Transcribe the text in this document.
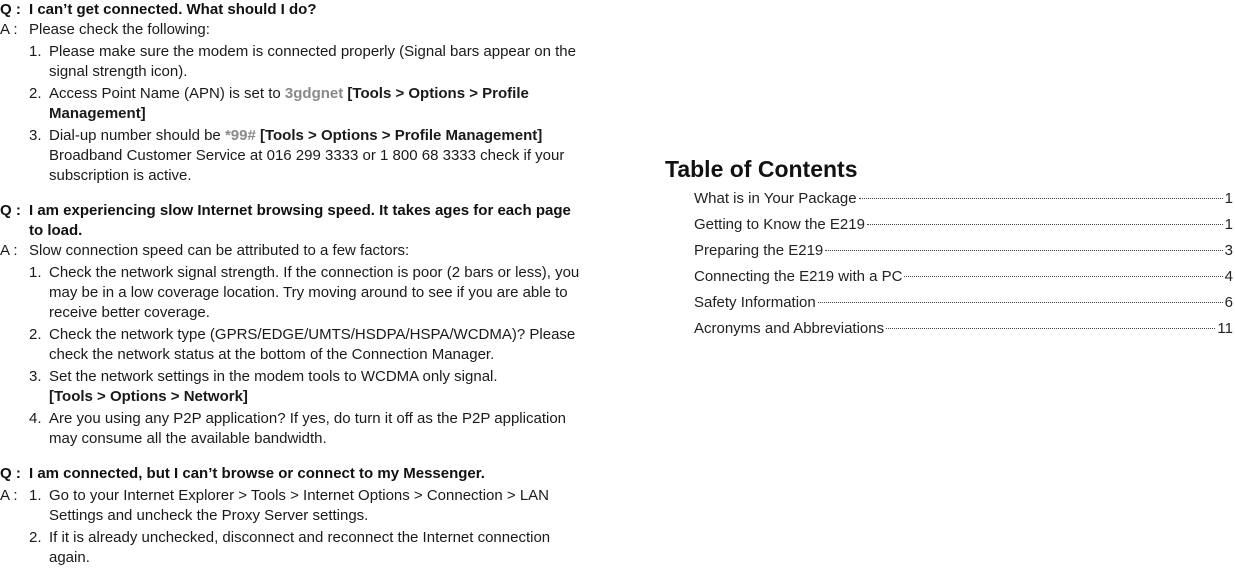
Q : I can’t get connected. What should I do?
A : Please check the following:
1. Please make sure the modem is connected properly (Signal bars appear on the signal strength icon).
2. Access Point Name (APN) is set to 3gdgnet [Tools > Options > Profile Management]
3. Dial-up number should be *99# [Tools > Options > Profile Management] Broadband Customer Service at 016 299 3333 or 1 800 68 3333 check if your subscription is active.
Q : I am experiencing slow Internet browsing speed. It takes ages for each page to load.
A : Slow connection speed can be attributed to a few factors:
1. Check the network signal strength. If the connection is poor (2 bars or less), you may be in a low coverage location. Try moving around to see if you are able to receive better coverage.
2. Check the network type (GPRS/EDGE/UMTS/HSDPA/HSPA/WCDMA)? Please check the network status at the bottom of the Connection Manager.
3. Set the network settings in the modem tools to WCDMA only signal.
[Tools > Options > Network]
4. Are you using any P2P application? If yes, do turn it off as the P2P application may consume all the available bandwidth.
Q : I am connected, but I can’t browse or connect to my Messenger.
A : 1. Go to your Internet Explorer > Tools > Internet Options > Connection > LAN Settings and uncheck the Proxy Server settings.
2. If it is already unchecked, disconnect and reconnect the Internet connection again.
Table of Contents
What is in Your Package	1
Getting to Know the E219	1
Preparing the E219	3
Connecting the E219 with a PC	4
Safety Information	6
Acronyms and Abbreviations	11
